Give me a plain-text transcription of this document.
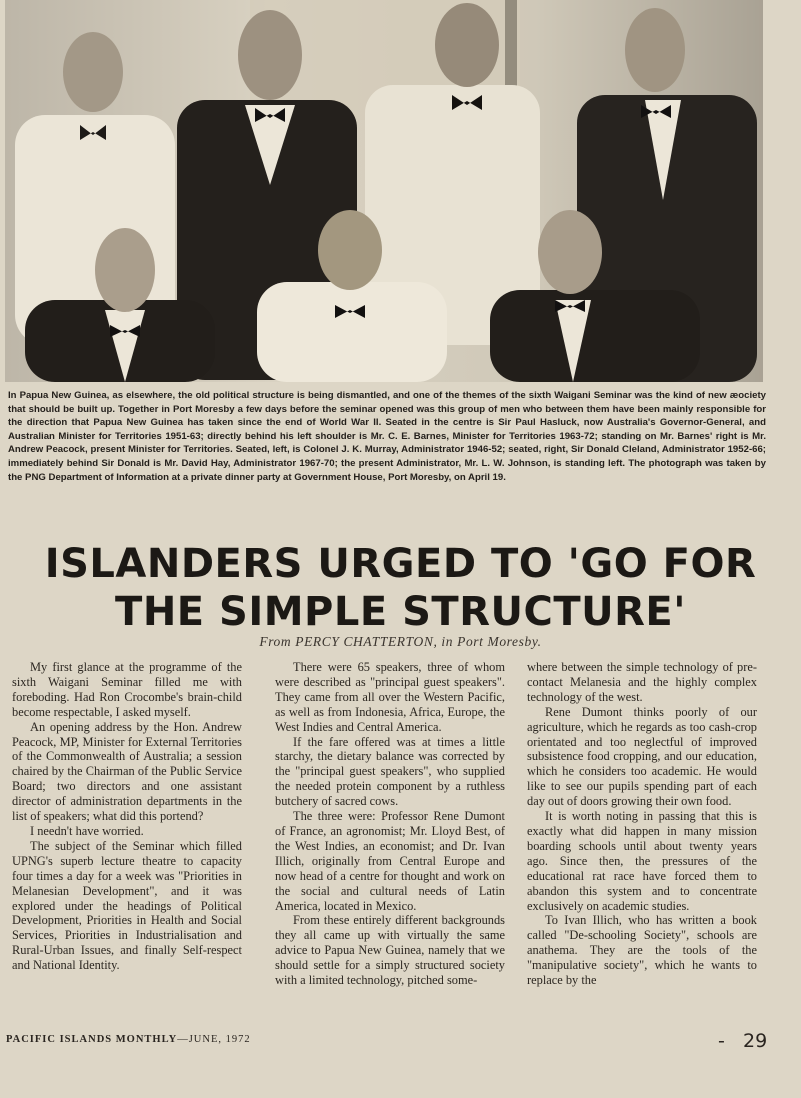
In Papua New Guinea, as elsewhere, the old political structure is being dismantled, and one of the themes of the sixth Waigani Seminar was the kind of new æociety that should be built up. Together in Port Moresby a few days before the seminar opened was this group of men who between them have been mainly responsible for the direction that Papua New Guinea has taken since the end of World War II. Seated in the centre is Sir Paul Hasluck, now Australia's Governor-General, and Australian Minister for Territories 1951-63; directly behind his left shoulder is Mr. C. E. Barnes, Minister for Territories 1963-72; standing on Mr. Barnes' right is Mr. Andrew Peacock, present Minister for Territories. Seated, left, is Colonel J. K. Murray, Administrator 1946-52; seated, right, Sir Donald Cleland, Administrator 1952-66; immediately behind Sir Donald is Mr. David Hay, Administrator 1967-70; the present Administrator, Mr. L. W. Johnson, is standing left. The photograph was taken by the PNG Department of Information at a private dinner party at Government House, Port Moresby, on April 19.
ISLANDERS URGED TO 'GO FOR
THE SIMPLE STRUCTURE'
From PERCY CHATTERTON, in Port Moresby.

My first glance at the programme of the sixth Waigani Seminar filled me with foreboding. Had Ron Crocombe's brain-child become respectable, I asked myself.

An opening address by the Hon. Andrew Peacock, MP, Minister for External Territories of the Commonwealth of Australia; a session chaired by the Chairman of the Public Service Board; two directors and one assistant director of administration departments in the list of speakers; what did this portend?

I needn't have worried.

The subject of the Seminar which filled UPNG's superb lecture theatre to capacity four times a day for a week was "Priorities in Melanesian Development", and it was explored under the headings of Political Development, Priorities in Health and Social Services, Priorities in Industrialisation and Rural-Urban Issues, and finally Self-respect and National Identity.

There were 65 speakers, three of whom were described as "principal guest speakers". They came from all over the Western Pacific, as well as from Indonesia, Africa, Europe, the West Indies and Central America.

If the fare offered was at times a little starchy, the dietary balance was corrected by the "principal guest speakers", who supplied the needed protein component by a ruthless butchery of sacred cows.

The three were: Professor Rene Dumont of France, an agronomist; Mr. Lloyd Best, of the West Indies, an economist; and Dr. Ivan Illich, originally from Central Europe and now head of a centre for thought and work on the social and cultural needs of Latin America, located in Mexico.

From these entirely different backgrounds they all came up with virtually the same advice to Papua New Guinea, namely that we should settle for a simply structured society with a limited technology, pitched some-

where between the simple technology of pre-contact Melanesia and the highly complex technology of the west.

Rene Dumont thinks poorly of our agriculture, which he regards as too cash-crop orientated and too neglectful of improved subsistence food cropping, and our education, which he considers too academic. He would like to see our pupils spending part of each day out of doors growing their own food.

It is worth noting in passing that this is exactly what did happen in many mission boarding schools until about twenty years ago. Since then, the pressures of the educational rat race have forced them to abandon this system and to concentrate exclusively on academic studies.

To Ivan Illich, who has written a book called "De-schooling Society", schools are anathema. They are the tools of the "manipulative society", which he wants to replace by the

PACIFIC ISLANDS MONTHLY—JUNE, 1972	- 29
